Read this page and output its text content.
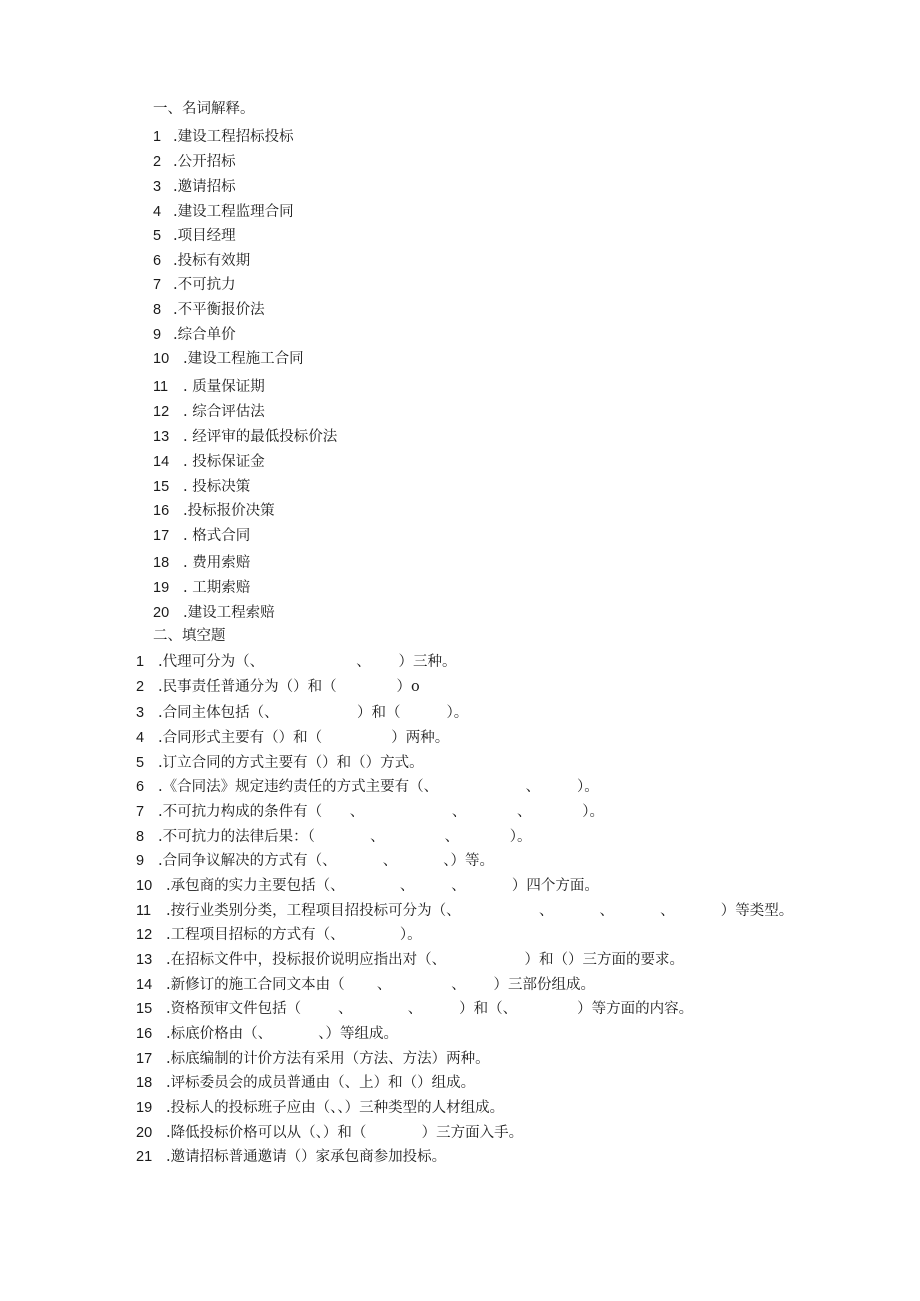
一、名词解释。
1 .建设工程招标投标
2 .公开招标
3 .邀请招标
4 .建设工程监理合同
5 .项目经理
6 .投标有效期
7 .不可抗力
8 .不平衡报价法
9 .综合单价
10 .建设工程施工合同
11 . 质量保证期
12 . 综合评估法
13 . 经评审的最低投标价法
14 . 投标保证金
15 . 投标决策
16 .投标报价决策
17 . 格式合同
18 . 费用索赔
19 . 工期索赔
20 .建设工程索赔
二、填空题
1 .代理可分为（、                    、      ）三种。
2 .民事责任普通分为（）和（             ）o
3 .合同主体包括（、                 ）和（          ）。
4 .合同形式主要有（）和（               ）两种。
5 .订立合同的方式主要有（）和（）方式。
6 .《合同法》规定违约责任的方式主要有（、                   、        ）。
7 .不可抗力构成的条件有（      、                   、           、           ）。
8 .不可抗力的法律后果：（            、             、           ）。
9 .合同争议解决的方式有（、          、          、）等。
10 .承包商的实力主要包括（、            、        、          ）四个方面。
11 .按行业类别分类，工程项目招投标可分为（、                 、          、          、          ）等类型。
12 .工程项目招标的方式有（、            ）。
13 .在招标文件中，投标报价说明应指出对（、                 ）和（）三方面的要求。
14 .新修订的施工合同文本由（       、             、      ）三部份组成。
15 .资格预审文件包括（        、            、        ）和（、             ）等方面的内容。
16 .标底价格由（、          、）等组成。
17 .标底编制的计价方法有采用（方法、方法）两种。
18 .评标委员会的成员普通由（、上）和（）组成。
19 .投标人的投标班子应由（、、）三种类型的人材组成。
20 .降低投标价格可以从（、）和（            ）三方面入手。
21 .邀请招标普通邀请（）家承包商参加投标。
